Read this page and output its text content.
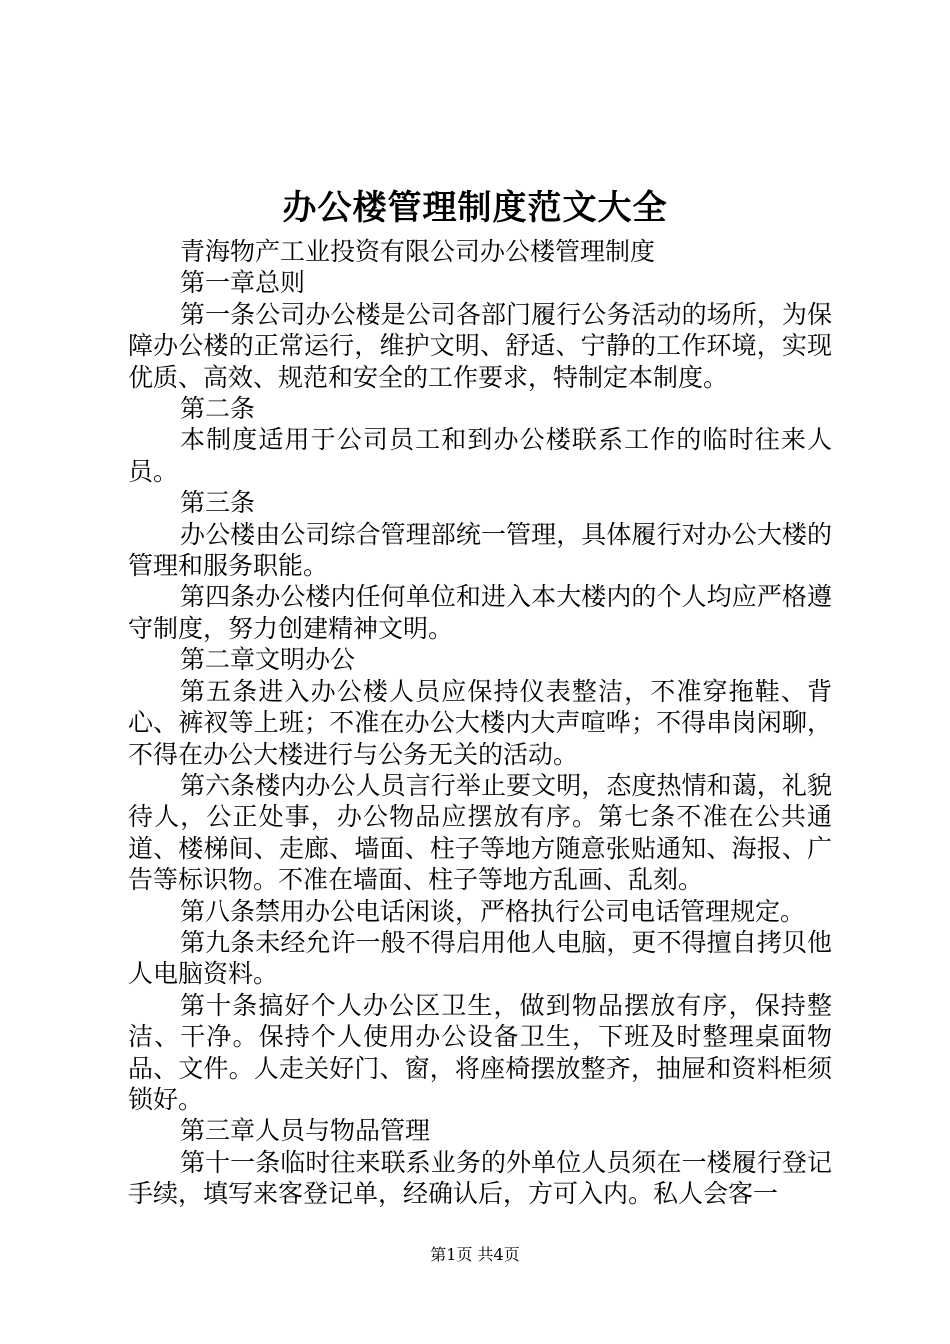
办公楼管理制度范文大全

青海物产工业投资有限公司办公楼管理制度

第一章总则

第一条公司办公楼是公司各部门履行公务活动的场所，为保障办公楼的正常运行，维护文明、舒适、宁静的工作环境，实现优质、高效、规范和安全的工作要求，特制定本制度。

第二条

本制度适用于公司员工和到办公楼联系工作的临时往来人员。

第三条

办公楼由公司综合管理部统一管理，具体履行对办公大楼的管理和服务职能。

第四条办公楼内任何单位和进入本大楼内的个人均应严格遵守制度，努力创建精神文明。

第二章文明办公

第五条进入办公楼人员应保持仪表整洁，不准穿拖鞋、背心、裤衩等上班；不准在办公大楼内大声喧哗；不得串岗闲聊，不得在办公大楼进行与公务无关的活动。

第六条楼内办公人员言行举止要文明，态度热情和蔼，礼貌待人，公正处事，办公物品应摆放有序。第七条不准在公共通道、楼梯间、走廊、墙面、柱子等地方随意张贴通知、海报、广告等标识物。不准在墙面、柱子等地方乱画、乱刻。

第八条禁用办公电话闲谈，严格执行公司电话管理规定。

第九条未经允许一般不得启用他人电脑，更不得擅自拷贝他人电脑资料。

第十条搞好个人办公区卫生，做到物品摆放有序，保持整洁、干净。保持个人使用办公设备卫生，下班及时整理桌面物品、文件。人走关好门、窗，将座椅摆放整齐，抽屉和资料柜须锁好。

第三章人员与物品管理

第十一条临时往来联系业务的外单位人员须在一楼履行登记手续，填写来客登记单，经确认后，方可入内。私人会客一

第1页 共4页
